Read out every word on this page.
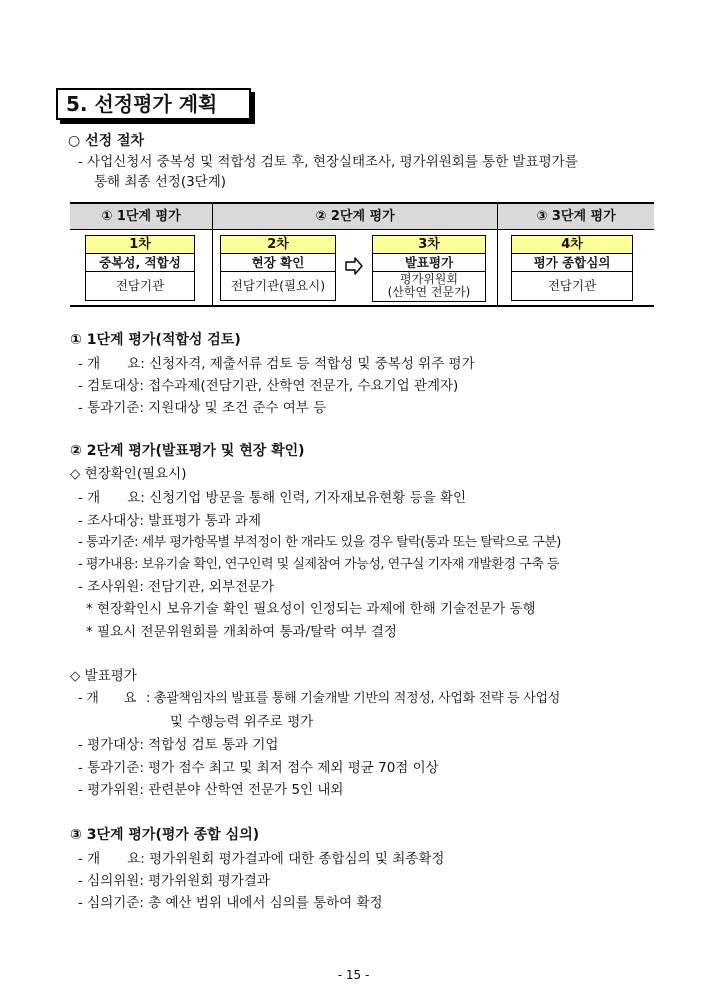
5. 선정평가 계획
○ 선정 절차
- 사업신청서 중복성 및 적합성 검토 후, 현장실태조사, 평가위원회를 통한 발표평가를
통해 최종 선정(3단계)
① 1단계 평가	② 2단계 평가	③ 3단계 평가
1차
중복성, 적합성
전담기관
2차
현장 확인
전담기관(필요시)
3차
발표평가
평가위원회
(산학연 전문가)
4차
평가 종합심의
전담기관
① 1단계 평가(적합성 검토)
- 개　　요: 신청자격, 제출서류 검토 등 적합성 및 중복성 위주 평가
- 검토대상: 접수과제(전담기관, 산학연 전문가, 수요기업 관계자)
- 통과기준: 지원대상 및 조건 준수 여부 등
② 2단계 평가(발표평가 및 현장 확인)
◇ 현장확인(필요시)
- 개　　요: 신청기업 방문을 통해 인력, 기자재보유현황 등을 확인
- 조사대상: 발표평가 통과 과제
- 통과기준: 세부 평가항목별 부적정이 한 개라도 있을 경우 탈락(통과 또는 탈락으로 구분)
- 평가내용: 보유기술 확인, 연구인력 및 실제참여 가능성, 연구실 기자재 개발환경 구축 등
- 조사위원: 전담기관, 외부전문가
* 현장확인시 보유기술 확인 필요성이 인정되는 과제에 한해 기술전문가 동행
* 필요시 전문위원회를 개최하여 통과/탈락 여부 결정
◇ 발표평가
- 개　　요 : 총괄책임자의 발표를 통해 기술개발 기반의 적정성, 사업화 전략 등 사업성
및 수행능력 위주로 평가
- 평가대상: 적합성 검토 통과 기업
- 통과기준: 평가 점수 최고 및 최저 점수 제외 평균 70점 이상
- 평가위원: 관련분야 산학연 전문가 5인 내외
③ 3단계 평가(평가 종합 심의)
- 개　　요: 평가위원회 평가결과에 대한 종합심의 및 최종확정
- 심의위원: 평가위원회 평가결과
- 심의기준: 총 예산 범위 내에서 심의를 통하여 확정
- 15 -
